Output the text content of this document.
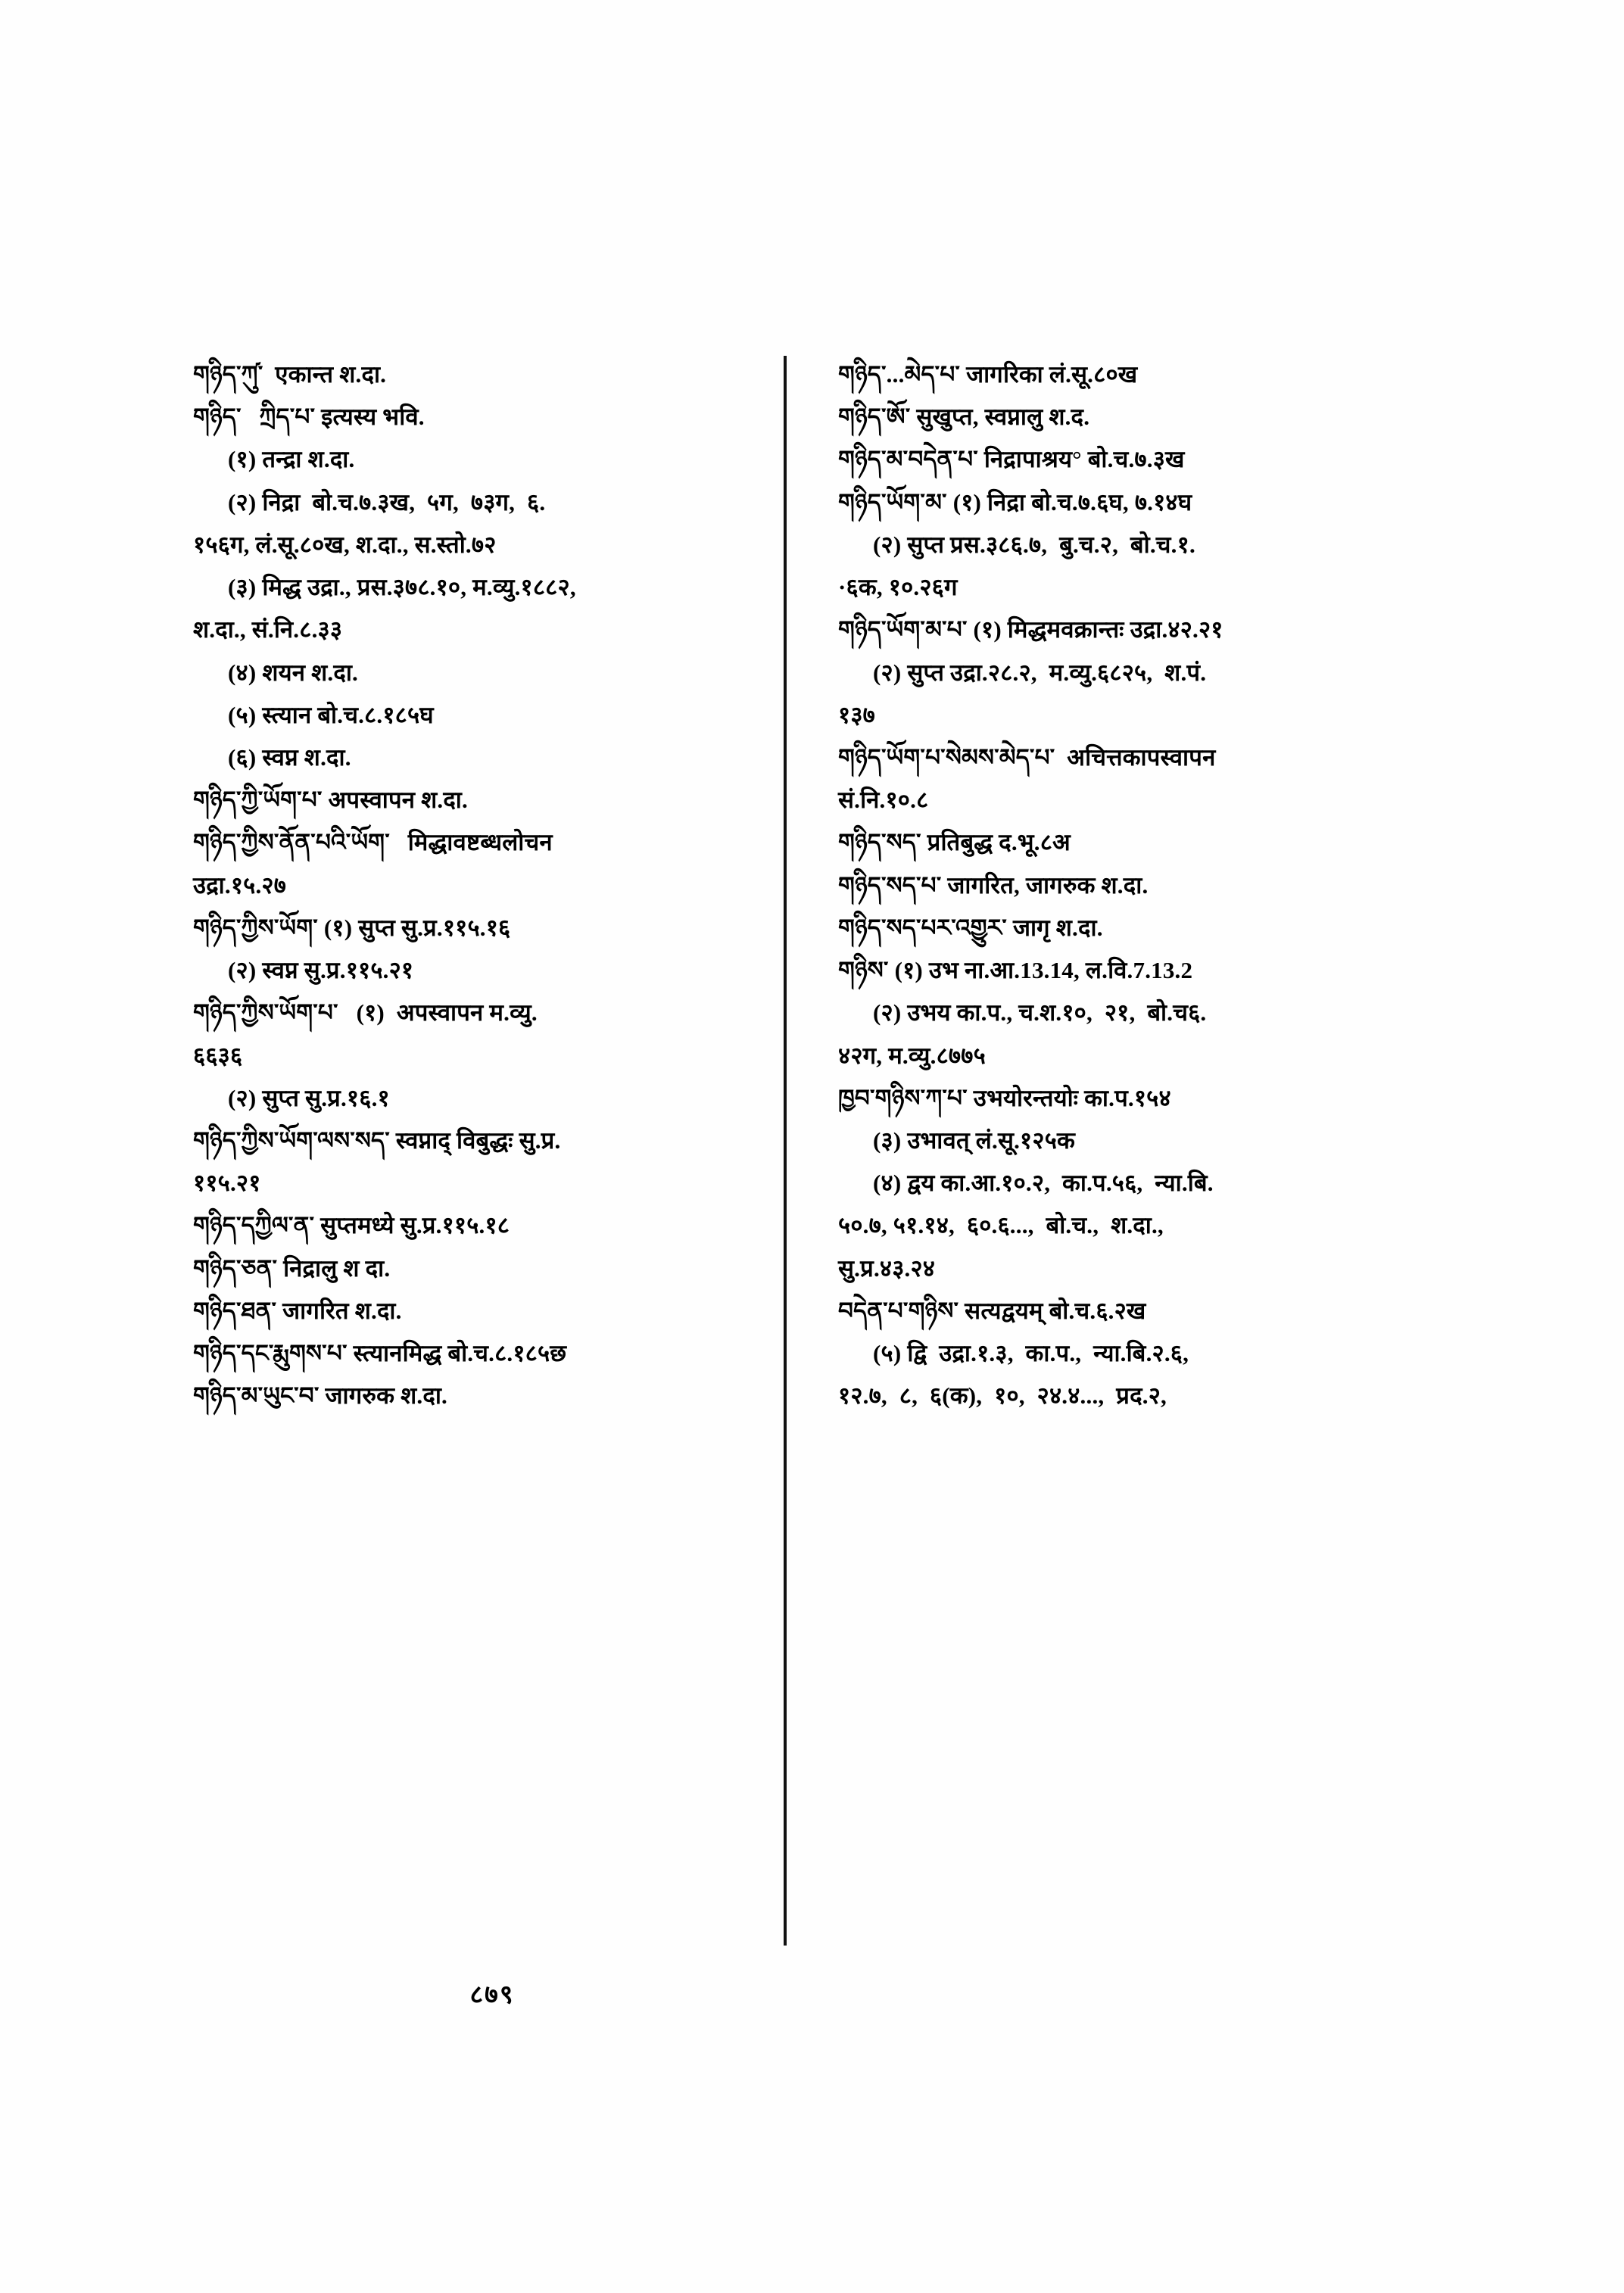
གཉིད་ཀུ༹་  एकान्त श.दा.
གཉིད་   ཀྲིད་པ་ इत्यस्य भवि.
(१) तन्द्रा श.दा.
(२) निद्रा  बो.च.७.३ख,  ५ग,  ७३ग,  ६.
१५६ग, लं.सू.८०ख, श.दा., स.स्तो.७२
(३) मिद्ध उद्रा., प्रस.३७८.१०, म.व्यु.१८८२,
श.दा., सं.नि.८.३३
(४) शयन श.दा.
(५) स्त्यान बो.च.८.१८५घ
(६) स्वप्न श.दा.
གཉིད་ཀྱི་ཡོག་པ་ अपस्वापन श.दा.
གཉིད་ཀྱིས་ནོན་པའི་ཡོག་   मिद्धावष्टब्धलोचन
उद्रा.१५.२७
གཉིད་ཀྱིས་ཡོག་ (१) सुप्त सु.प्र.११५.१६
(२) स्वप्न सु.प्र.११५.२१
གཉིད་ཀྱིས་ཡོག་པ་   (१)  अपस्वापन म.व्यु.
६६३६
(२) सुप्त सु.प्र.१६.१
གཉིད་ཀྱིས་ཡོག་ལས་སད་ स्वप्नाद् विबुद्धः सु.प्र.
११५.२१
གཉིད་དཀྱིལ་ན་ सुप्तमध्ये सु.प्र.११५.१८
གཉིད་ཅན་ निद्रालु श दा.
གཉིད་ཐན་ जागरित श.दा.
གཉིད་དང་རྨུགས་པ་ स्त्यानमिद्ध बो.च.८.१८५छ
གཉིད་མ་ཡུང་བ་ जागरुक श.दा.
གཉིད་...མེད་པ་ जागरिका लं.सू.८०ख
གཉིད་ཨོ་ सुखुप्त, स्वप्नालु श.द.
གཉིད་མ་བདེན་པ་ निद्रापाश्रय° बो.च.७.३ख
གཉིད་ཡོག་མ་ (१) निद्रा बो.च.७.६घ, ७.१४घ
(२) सुप्त प्रस.३८६.७,  बु.च.२,  बो.च.१.
·६क, १०.२६ग
གཉིད་ཡོག་མ་པ་ (१) मिद्धमवक्रान्तः उद्रा.४२.२१
(२) सुप्त उद्रा.२८.२,  म.व्यु.६८२५,  श.पं.
१३७
གཉིད་ཡོག་པ་སེམས་མེད་པ་  अचित्तकापस्वापन
सं.नि.१०.८
གཉིད་སད་ प्रतिबुद्ध द.भू.८अ
གཉིད་སད་པ་ जागरित, जागरुक श.दा.
གཉིད་སད་པར་འགྱུར་ जागृ श.दा.
གཉིས་ (१) उभ ना.आ.13.14, ल.वि.7.13.2
(२) उभय का.प., च.श.१०,  २१,  बो.च६.
४२ग, म.व्यु.८७७५
ཁྱབ་གཉིས་ཀ་པ་ उभयोरन्तयोः का.प.१५४
(३) उभावत् लं.सू.१२५क
(४) द्वय का.आ.१०.२,  का.प.५६,  न्या.बि.
५०.७, ५१.१४,  ६०.६...,  बो.च.,  श.दा.,
सु.प्र.४३.२४
བདེན་པ་གཉིས་ सत्यद्वयम् बो.च.६.२ख
(५) द्वि  उद्रा.१.३,  का.प.,  न्या.बि.२.६,
१२.७,  ८,  ६(क),  १०,  २४.४...,  प्रद.२,
८७९
